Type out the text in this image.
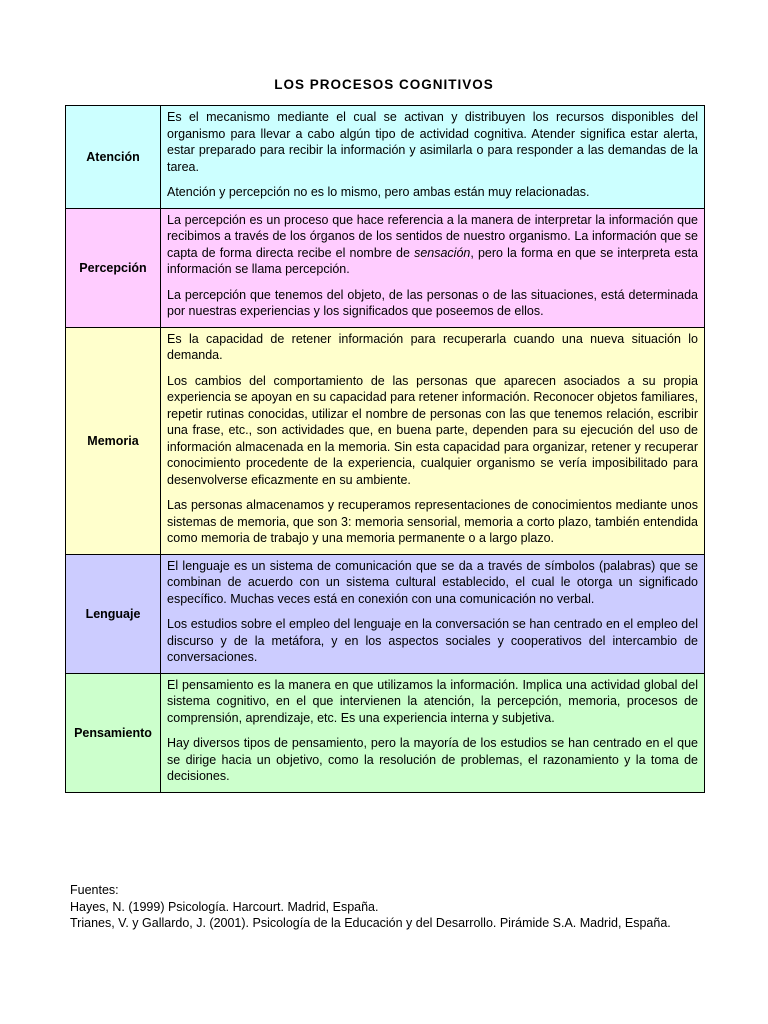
LOS PROCESOS COGNITIVOS
Atención	Es el mecanismo mediante el cual se activan y distribuyen los recursos disponibles del organismo para llevar a cabo algún tipo de actividad cognitiva. Atender significa estar alerta, estar preparado para recibir la información y asimilarla o para responder a las demandas de la tarea.

Atención y percepción no es lo mismo, pero ambas están muy relacionadas.

Percepción	La percepción es un proceso que hace referencia a la manera de interpretar la información que recibimos a través de los órganos de los sentidos de nuestro organismo. La información que se capta de forma directa recibe el nombre de sensación, pero la forma en que se interpreta esta información se llama percepción.

La percepción que tenemos del objeto, de las personas o de las situaciones, está determinada por nuestras experiencias y los significados que poseemos de ellos.

Memoria	Es la capacidad de retener información para recuperarla cuando una nueva situación lo demanda.

Los cambios del comportamiento de las personas que aparecen asociados a su propia experiencia se apoyan en su capacidad para retener información. Reconocer objetos familiares, repetir rutinas conocidas, utilizar el nombre de personas con las que tenemos relación, escribir una frase, etc., son actividades que, en buena parte, dependen para su ejecución del uso de información almacenada en la memoria. Sin esta capacidad para organizar, retener y recuperar conocimiento procedente de la experiencia, cualquier organismo se vería imposibilitado para desenvolverse eficazmente en su ambiente.

Las personas almacenamos y recuperamos representaciones de conocimientos mediante unos sistemas de memoria, que son 3: memoria sensorial, memoria a corto plazo, también entendida como memoria de trabajo y una memoria permanente o a largo plazo.

Lenguaje	El lenguaje es un sistema de comunicación que se da a través de símbolos (palabras) que se combinan de acuerdo con un sistema cultural establecido, el cual le otorga un significado específico. Muchas veces está en conexión con una comunicación no verbal.

Los estudios sobre el empleo del lenguaje en la conversación se han centrado en el empleo del discurso y de la metáfora, y en los aspectos sociales y cooperativos del intercambio de conversaciones.

Pensamiento	El pensamiento es la manera en que utilizamos la información. Implica una actividad global del sistema cognitivo, en el que intervienen la atención, la percepción, memoria, procesos de comprensión, aprendizaje, etc. Es una experiencia interna y subjetiva.

Hay diversos tipos de pensamiento, pero la mayoría de los estudios se han centrado en el que se dirige hacia un objetivo, como la resolución de problemas, el razonamiento y la toma de decisiones.

Fuentes:
Hayes, N. (1999) Psicología. Harcourt. Madrid, España.
Trianes, V. y Gallardo, J. (2001). Psicología de la Educación y del Desarrollo. Pirámide S.A. Madrid, España.
